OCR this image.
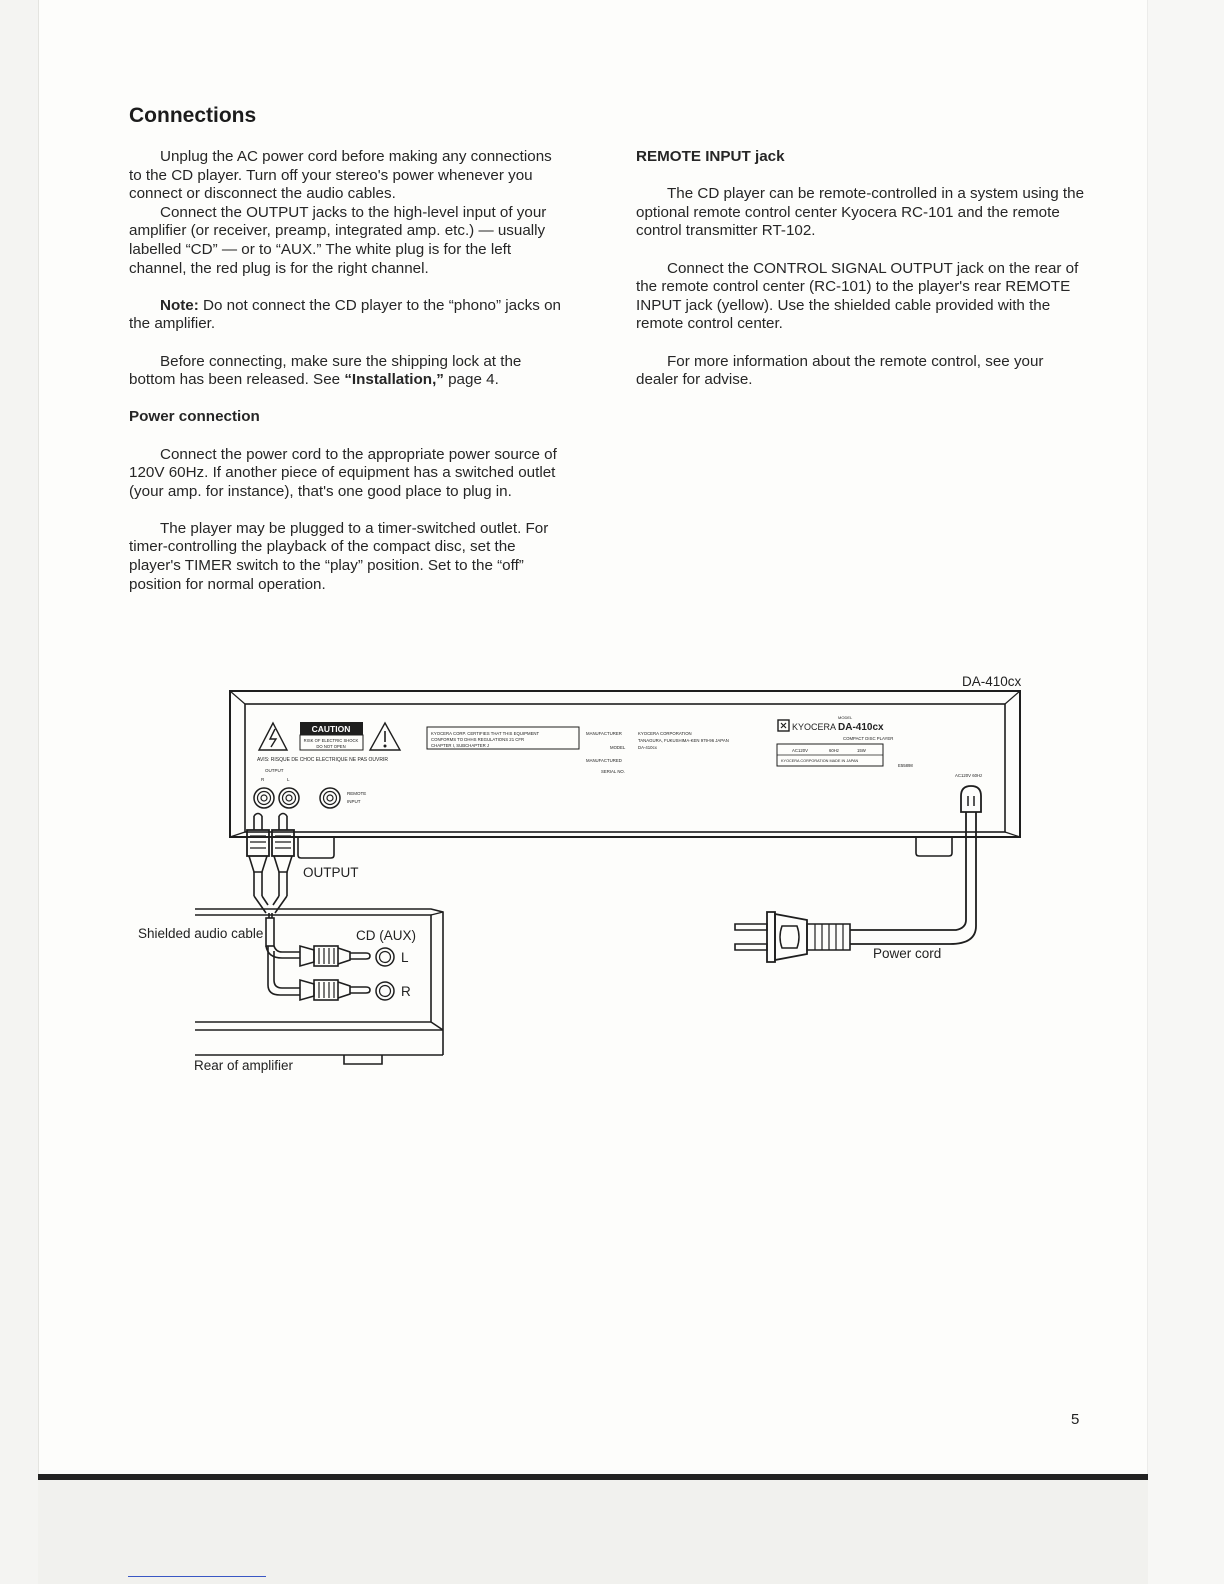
Connections

Unplug the AC power cord before making any connections to the CD player. Turn off your stereo's power whenever you connect or disconnect the audio cables.

Connect the OUTPUT jacks to the high-level input of your amplifier (or receiver, preamp, integrated amp. etc.) — usually labelled “CD” — or to “AUX.” The white plug is for the left channel, the red plug is for the right channel.

Note: Do not connect the CD player to the “phono” jacks on the amplifier.

Before connecting, make sure the shipping lock at the bottom has been released. See “Installation,” page 4.

Power connection

Connect the power cord to the appropriate power source of 120V 60Hz. If another piece of equipment has a switched outlet (your amp. for instance), that's one good place to plug in.

The player may be plugged to a timer-switched outlet. For timer-controlling the playback of the compact disc, set the player's TIMER switch to the “play” position. Set to the “off” position for normal operation.

REMOTE INPUT jack

The CD player can be remote-controlled in a system using the optional remote control center Kyocera RC-101 and the remote control transmitter RT-102.

Connect the CONTROL SIGNAL OUTPUT jack on the rear of the remote control center (RC-101) to the player's rear REMOTE INPUT jack (yellow). Use the shielded cable provided with the remote control center.

For more information about the remote control, see your dealer for advise.

DA-410cx
CAUTION
RISK OF ELECTRIC SHOCK
DO NOT OPEN
AVIS: RISQUE DE CHOC ELECTRIQUE NE PAS OUVRIR
OUTPUT
R	L
REMOTE
INPUT
KYOCERA CORP. CERTIFIES THAT THIS EQUIPMENT
CONFORMS TO DHHS REGULATIONS 21 CFR
CHAPTER I, SUBCHAPTER J
MANUFACTURER	KYOCERA CORPORATION
TANAGURA, FUKUSHIMA-KEN 979-96 JAPAN
MODEL	DA-410cx
MANUFACTURED
SERIAL NO.
KYOCERA
MODEL
DA-410cx
COMPACT DISC PLAYER
AC120V	60Hz	15W
KYOCERA CORPORATION MADE IN JAPAN
E55898
AC120V 60Hz
OUTPUT
Shielded audio cable	CD (AUX)
L
R
Rear of amplifier
Power cord
5
